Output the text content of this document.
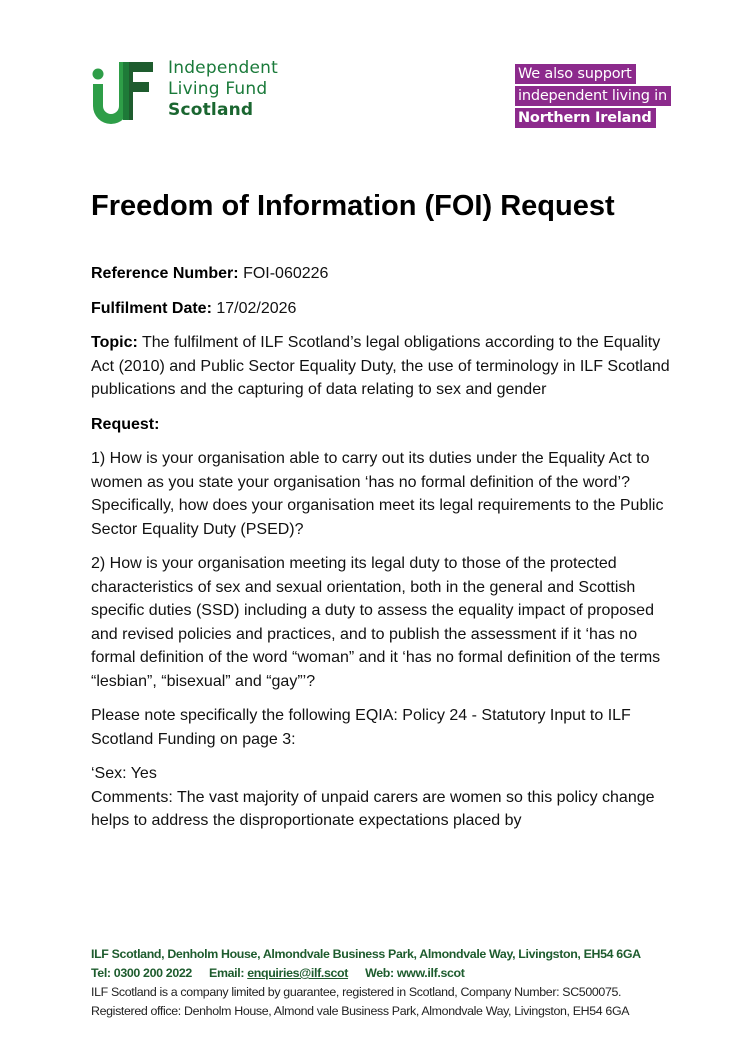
Independent
Living Fund
Scotland
We also support
independent living in
Northern Ireland
Freedom of Information (FOI) Request

Reference Number: FOI-060226

Fulfilment Date: 17/02/2026

Topic: The fulfilment of ILF Scotland’s legal obligations according to the Equality Act (2010) and Public Sector Equality Duty, the use of terminology in ILF Scotland publications and the capturing of data relating to sex and gender

Request:

1) How is your organisation able to carry out its duties under the Equality Act to women as you state your organisation ‘has no formal definition of the word’? Specifically, how does your organisation meet its legal requirements to the Public Sector Equality Duty (PSED)?

2) How is your organisation meeting its legal duty to those of the protected characteristics of sex and sexual orientation, both in the general and Scottish specific duties (SSD) including a duty to assess the equality impact of proposed and revised policies and practices, and to publish the assessment if it ‘has no formal definition of the word “woman” and it ‘has no formal definition of the terms “lesbian”, “bisexual” and “gay”’?

Please note specifically the following EQIA: Policy 24 - Statutory Input to ILF Scotland Funding on page 3:

‘Sex: Yes
Comments: The vast majority of unpaid carers are women so this policy change helps to address the disproportionate expectations placed by

ILF Scotland, Denholm House, Almondvale Business Park, Almondvale Way, Livingston, EH54 6GA
Tel: 0300 200 2022 Email: enquiries@ilf.scot Web: www.ilf.scot
ILF Scotland is a company limited by guarantee, registered in Scotland, Company Number: SC500075.
Registered office: Denholm House, Almond vale Business Park, Almondvale Way, Livingston, EH54 6GA
